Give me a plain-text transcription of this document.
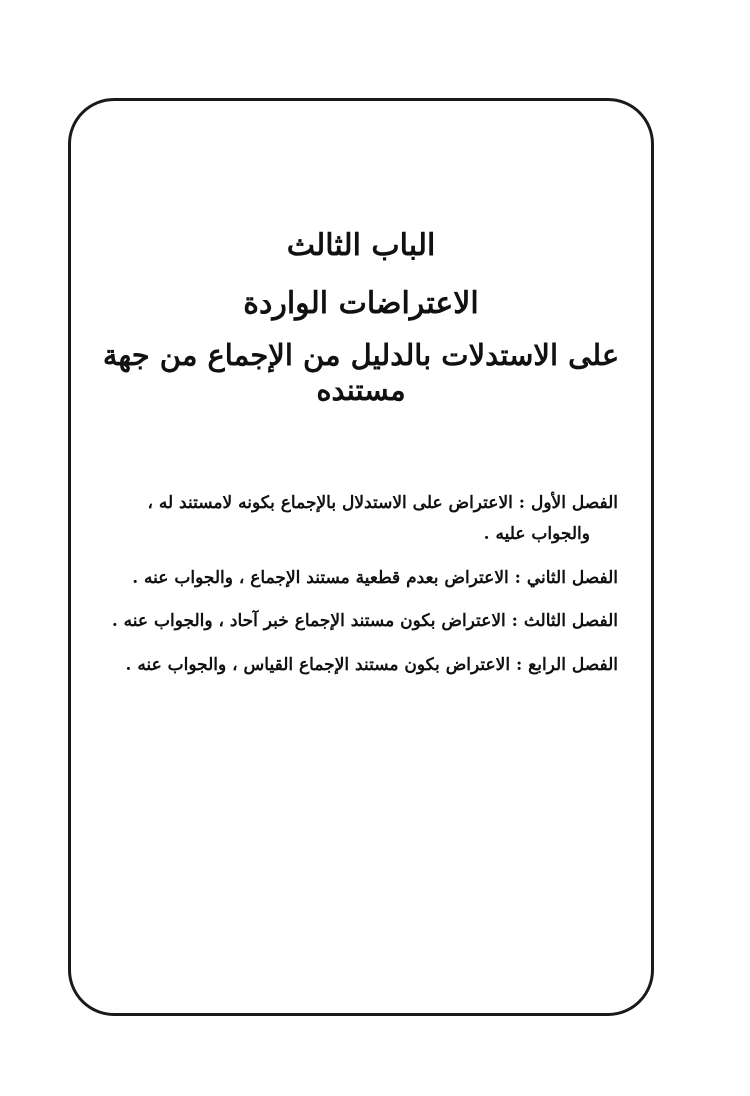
الباب الثالث

الاعتراضات الواردة

على الاستدلات بالدليل من الإجماع من جهة مستنده

الفصل الأول : الاعتراض على الاستدلال بالإجماع بكونه لامستند له ،
والجواب عليه .

الفصل الثاني : الاعتراض بعدم قطعية مستند الإجماع ، والجواب عنه .

الفصل الثالث : الاعتراض بكون مستند الإجماع خبر آحاد ، والجواب عنه .

الفصل الرابع : الاعتراض بكون مستند الإجماع القياس ، والجواب عنه .
